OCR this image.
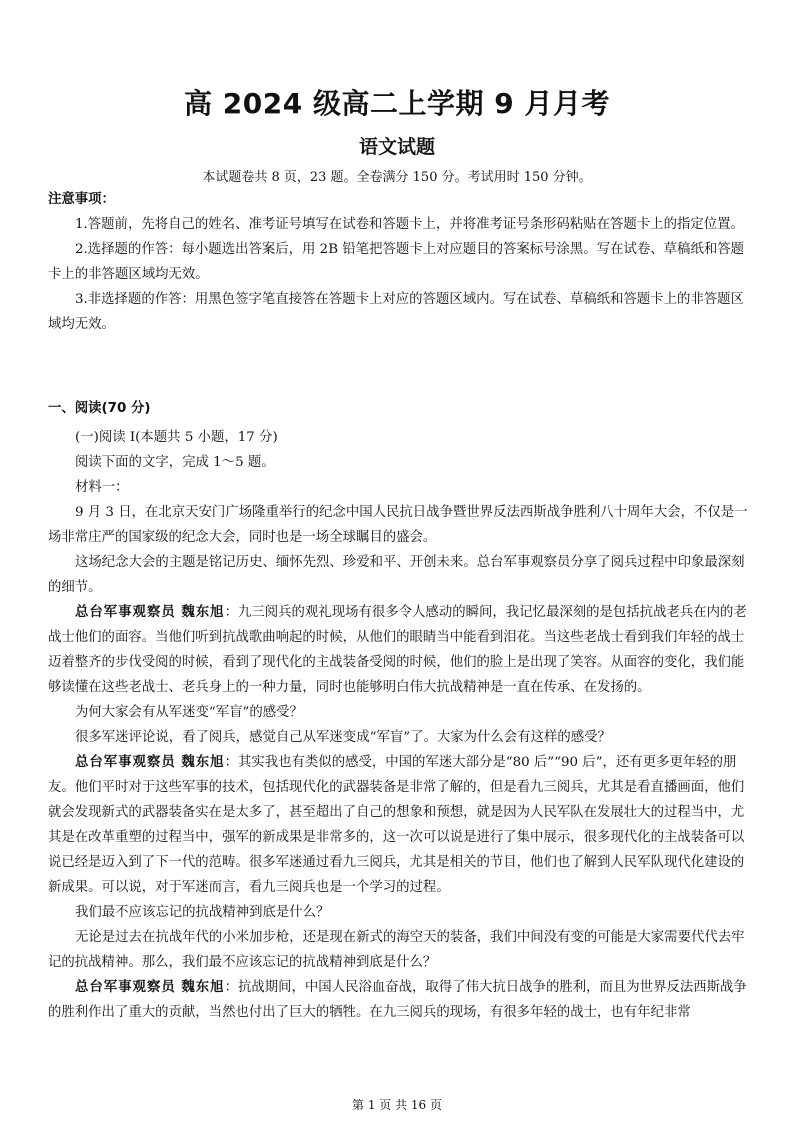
高 2024 级高二上学期 9 月月考
语文试题
本试题卷共 8 页，23 题。全卷满分 150 分。考试用时 150 分钟。

注意事项：

1.答题前，先将自己的姓名、准考证号填写在试卷和答题卡上，并将准考证号条形码粘贴在答题卡上的指定位置。

2.选择题的作答：每小题选出答案后，用 2B 铅笔把答题卡上对应题目的答案标号涂黑。写在试卷、草稿纸和答题卡上的非答题区域均无效。

3.非选择题的作答：用黑色签字笔直接答在答题卡上对应的答题区域内。写在试卷、草稿纸和答题卡上的非答题区域均无效。

一、阅读(70 分)

(一)阅读 I(本题共 5 小题，17 分)

阅读下面的文字，完成 1～5 题。

材料一：

9 月 3 日，在北京天安门广场隆重举行的纪念中国人民抗日战争暨世界反法西斯战争胜利八十周年大会，不仅是一场非常庄严的国家级的纪念大会，同时也是一场全球瞩目的盛会。

这场纪念大会的主题是铭记历史、缅怀先烈、珍爱和平、开创未来。总台军事观察员分享了阅兵过程中印象最深刻的细节。

总台军事观察员 魏东旭：九三阅兵的观礼现场有很多令人感动的瞬间，我记忆最深刻的是包括抗战老兵在内的老战士他们的面容。当他们听到抗战歌曲响起的时候，从他们的眼睛当中能看到泪花。当这些老战士看到我们年轻的战士迈着整齐的步伐受阅的时候，看到了现代化的主战装备受阅的时候，他们的脸上是出现了笑容。从面容的变化，我们能够读懂在这些老战士、老兵身上的一种力量，同时也能够明白伟大抗战精神是一直在传承、在发扬的。

为何大家会有从军迷变“军盲”的感受？

很多军迷评论说，看了阅兵，感觉自己从军迷变成“军盲”了。大家为什么会有这样的感受？

总台军事观察员 魏东旭：其实我也有类似的感受，中国的军迷大部分是“80 后”“90 后”，还有更多更年轻的朋友。他们平时对于这些军事的技术，包括现代化的武器装备是非常了解的，但是看九三阅兵，尤其是看直播画面，他们就会发现新式的武器装备实在是太多了，甚至超出了自己的想象和预想，就是因为人民军队在发展壮大的过程当中，尤其是在改革重塑的过程当中，强军的新成果是非常多的，这一次可以说是进行了集中展示，很多现代化的主战装备可以说已经是迈入到了下一代的范畴。很多军迷通过看九三阅兵，尤其是相关的节目，他们也了解到人民军队现代化建设的新成果。可以说，对于军迷而言，看九三阅兵也是一个学习的过程。

我们最不应该忘记的抗战精神到底是什么？

无论是过去在抗战年代的小米加步枪，还是现在新式的海空天的装备，我们中间没有变的可能是大家需要代代去牢记的抗战精神。那么，我们最不应该忘记的抗战精神到底是什么？

总台军事观察员 魏东旭：抗战期间，中国人民浴血奋战，取得了伟大抗日战争的胜利，而且为世界反法西斯战争的胜利作出了重大的贡献，当然也付出了巨大的牺牲。在九三阅兵的现场，有很多年轻的战士，也有年纪非常

第 1 页 共 16 页
